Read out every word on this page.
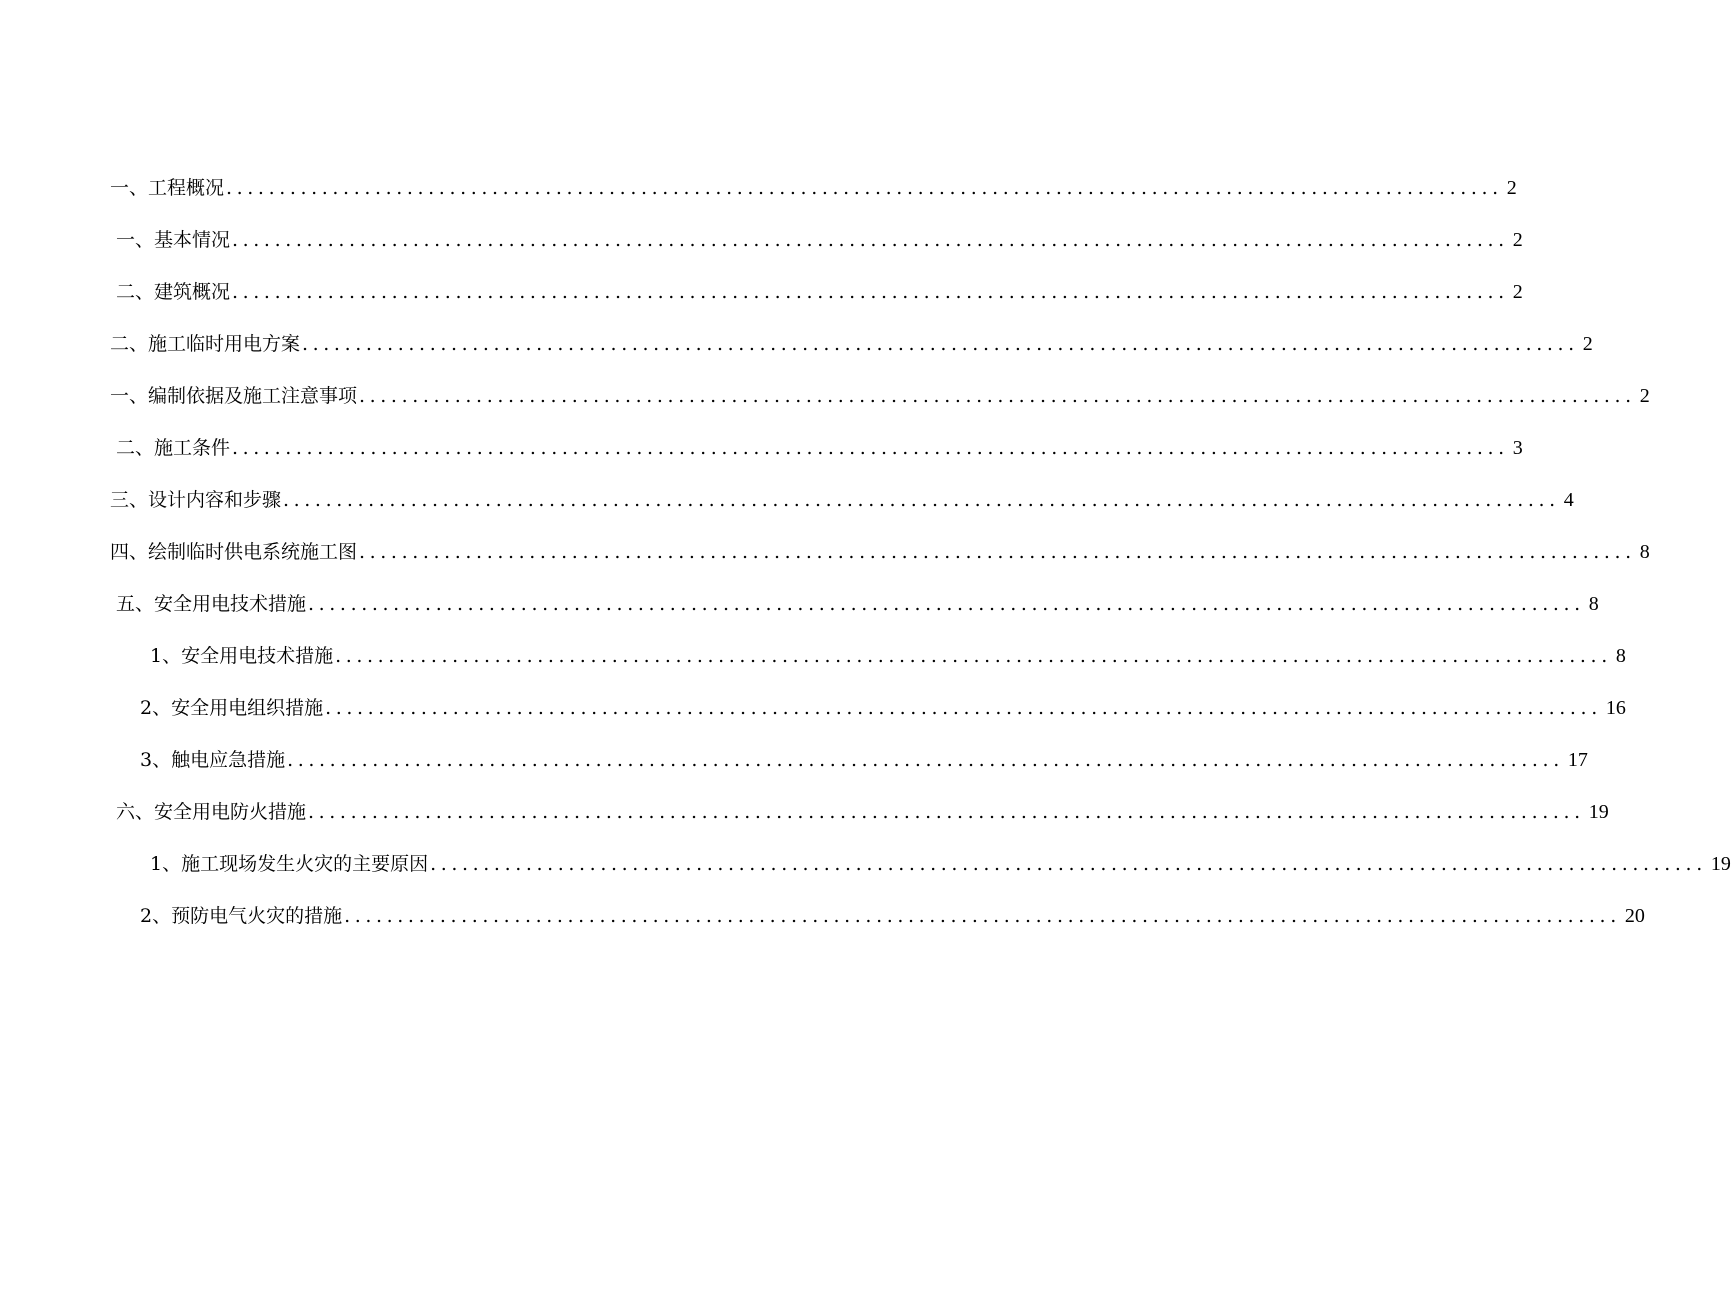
一、工程概况 ........................................................................................................................ 2
一、基本情况 ........................................................................................................................ 2
二、建筑概况 ........................................................................................................................ 2
二、施工临时用电方案 ........................................................................................................................ 2
一、编制依据及施工注意事项 ........................................................................................................................ 2
二、施工条件 ........................................................................................................................ 3
三、设计内容和步骤 ........................................................................................................................ 4
四、绘制临时供电系统施工图 ........................................................................................................................ 8
五、安全用电技术措施 ........................................................................................................................ 8
1、安全用电技术措施 ........................................................................................................................ 8
2、安全用电组织措施 ........................................................................................................................ 16
3、触电应急措施 ........................................................................................................................ 17
六、安全用电防火措施 ........................................................................................................................ 19
1、施工现场发生火灾的主要原因 ........................................................................................................................ 19
2、预防电气火灾的措施 ........................................................................................................................ 20
